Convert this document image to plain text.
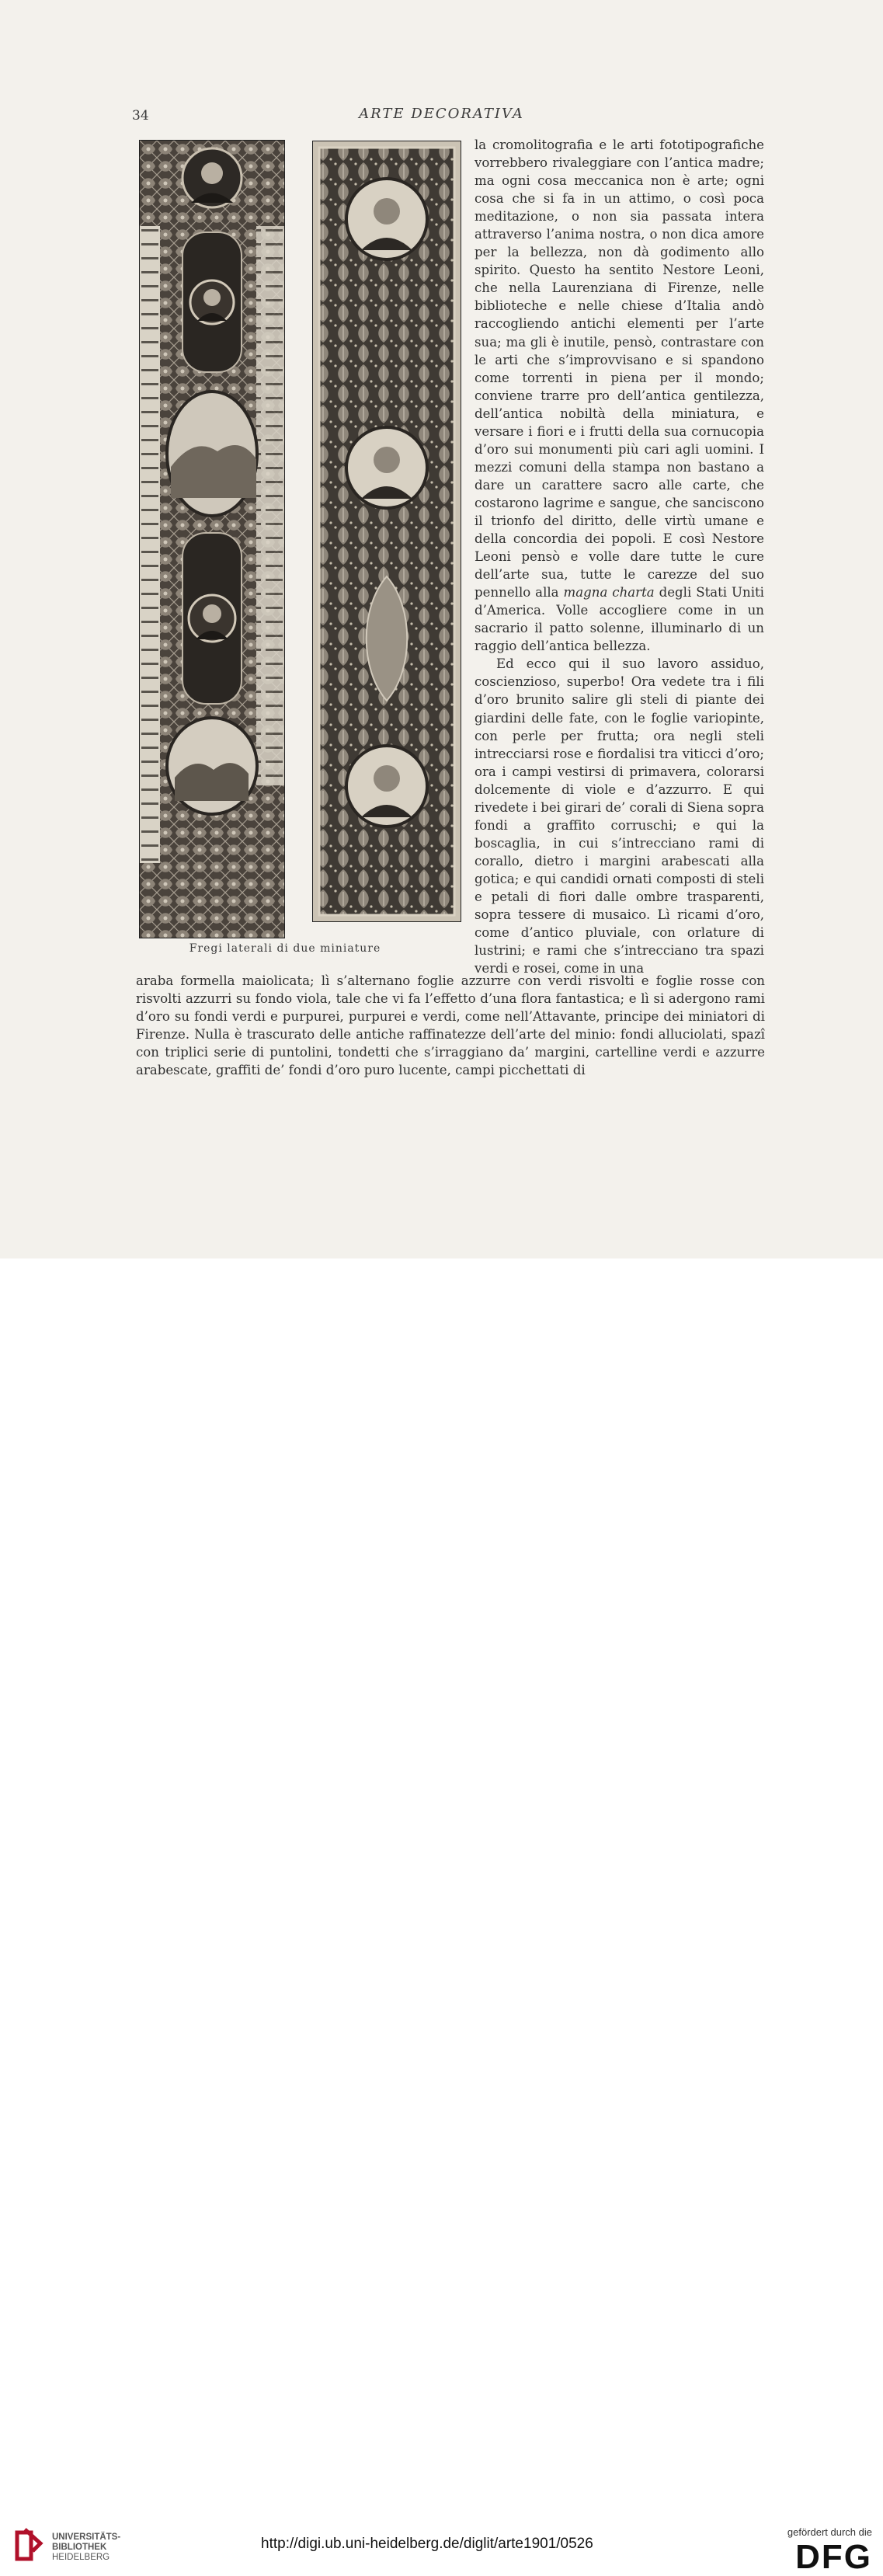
34	ARTE DECORATIVA
Fregi laterali di due miniature

la cromolitografia e le arti fototipografiche vorrebbero rivaleggiare con l’antica madre; ma ogni cosa meccanica non è arte; ogni cosa che si fa in un attimo, o così poca meditazione, o non sia passata intera attraverso l’anima nostra, o non dica amore per la bellezza, non dà godimento allo spirito. Questo ha sentito Nestore Leoni, che nella Laurenziana di Firenze, nelle biblioteche e nelle chiese d’Italia andò raccogliendo antichi elementi per l’arte sua; ma gli è inutile, pensò, contrastare con le arti che s’improvvisano e si spandono come torrenti in piena per il mondo; conviene trarre pro dell’antica gentilezza, dell’antica nobiltà della miniatura, e versare i fiori e i frutti della sua cornucopia d’oro sui monumenti più cari agli uomini. I mezzi comuni della stampa non bastano a dare un carattere sacro alle carte, che costarono lagrime e sangue, che sanciscono il trionfo del diritto, delle virtù umane e della concordia dei popoli. E così Nestore Leoni pensò e volle dare tutte le cure dell’arte sua, tutte le carezze del suo pennello alla magna charta degli Stati Uniti d’America. Volle accogliere come in un sacrario il patto solenne, illuminarlo di un raggio dell’antica bellezza.

Ed ecco qui il suo lavoro assiduo, coscienzioso, superbo! Ora vedete tra i fili d’oro brunito salire gli steli di piante dei giardini delle fate, con le foglie variopinte, con perle per frutta; ora negli steli intrecciarsi rose e fiordalisi tra viticci d’oro; ora i campi vestirsi di primavera, colorarsi dolcemente di viole e d’azzurro. E qui rivedete i bei girari de’ corali di Siena sopra fondi a graffito corruschi; e qui la boscaglia, in cui s’intrecciano rami di corallo, dietro i margini arabescati alla gotica; e qui candidi ornati composti di steli e petali di fiori dalle ombre trasparenti, sopra tessere di musaico. Lì ricami d’oro, come d’antico pluviale, con orlature di lustrini; e rami che s’intrecciano tra spazi verdi e rosei, come in una

araba formella maiolicata; lì s’alternano foglie azzurre con verdi risvolti e foglie rosse con risvolti azzurri su fondo viola, tale che vi fa l’effetto d’una flora fantastica; e lì si adergono rami d’oro su fondi verdi e purpurei, purpurei e verdi, come nell’Attavante, principe dei miniatori di Firenze. Nulla è trascurato delle antiche raffinatezze dell’arte del minio: fondi alluciolati, spazî con triplici serie di puntolini, tondetti che s’irraggiano da’ margini, cartelline verdi e azzurre arabescate, graffiti de’ fondi d’oro puro lucente, campi picchettati di
UNIVERSITÄTS-
BIBLIOTHEK
HEIDELBERG
http://digi.ub.uni-heidelberg.de/diglit/arte1901/0526
gefördert durch die
DFG
